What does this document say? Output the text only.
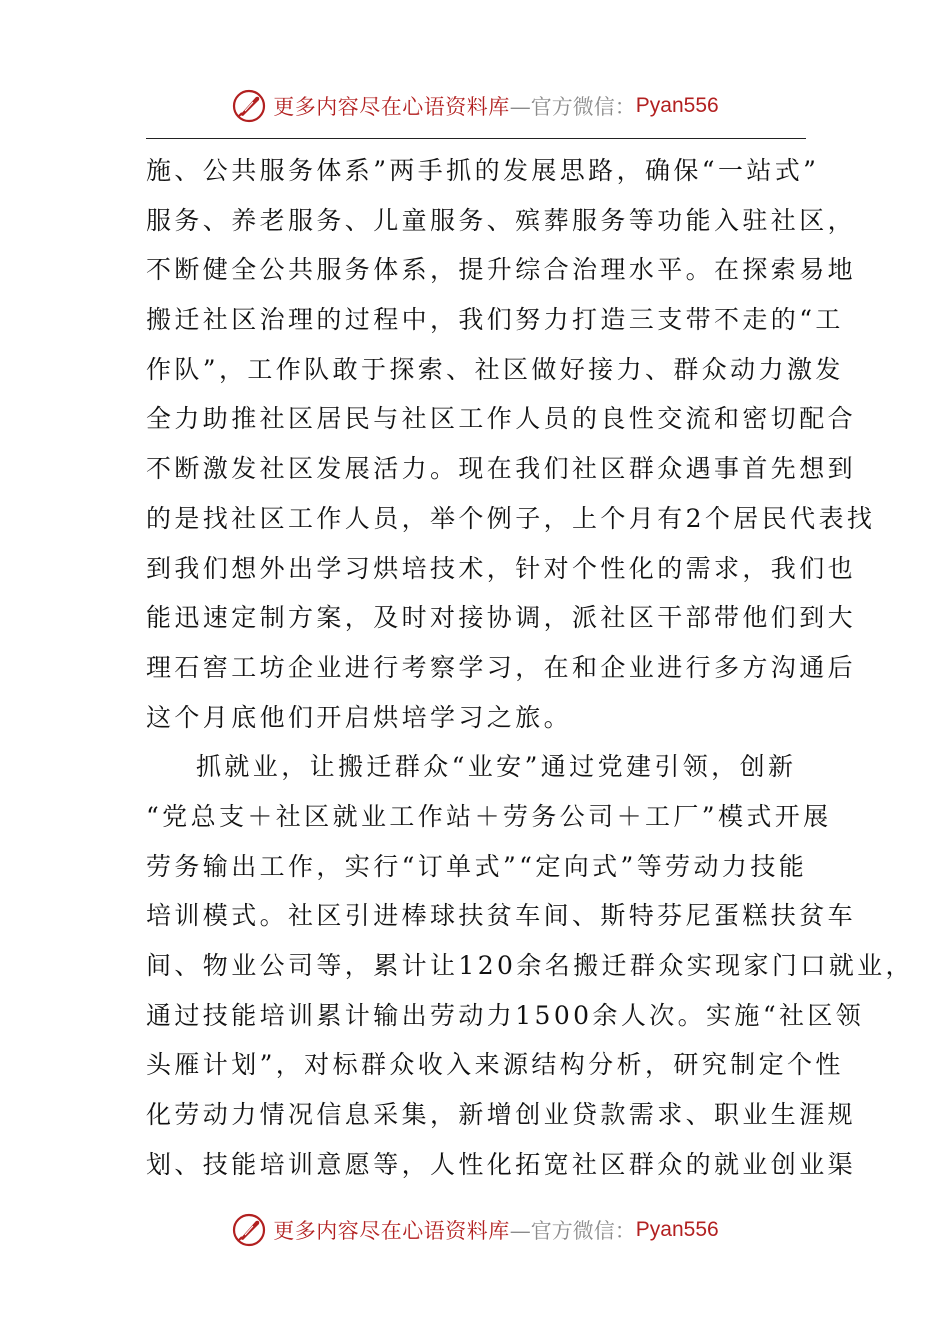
更多内容尽在心语资料库 —官方微信： Pyan556
施、公共服务体系”两手抓的发展思路，确保“一站式”
服务、养老服务、儿童服务、殡葬服务等功能入驻社区，
不断健全公共服务体系，提升综合治理水平。在探索易地
搬迁社区治理的过程中，我们努力打造三支带不走的“工
作队”，工作队敢于探索、社区做好接力、群众动力激发
全力助推社区居民与社区工作人员的良性交流和密切配合
不断激发社区发展活力。现在我们社区群众遇事首先想到
的是找社区工作人员，举个例子，上个月有2个居民代表找
到我们想外出学习烘培技术，针对个性化的需求，我们也
能迅速定制方案，及时对接协调，派社区干部带他们到大
理石窖工坊企业进行考察学习，在和企业进行多方沟通后
这个月底他们开启烘培学习之旅。
抓就业，让搬迁群众“业安”通过党建引领，创新
“党总支＋社区就业工作站＋劳务公司＋工厂”模式开展
劳务输出工作，实行“订单式”“定向式”等劳动力技能
培训模式。社区引进棒球扶贫车间、斯特芬尼蛋糕扶贫车
间、物业公司等，累计让120余名搬迁群众实现家门口就业，
通过技能培训累计输出劳动力1500余人次。实施“社区领
头雁计划”，对标群众收入来源结构分析，研究制定个性
化劳动力情况信息采集，新增创业贷款需求、职业生涯规
划、技能培训意愿等，人性化拓宽社区群众的就业创业渠
更多内容尽在心语资料库 —官方微信： Pyan556
